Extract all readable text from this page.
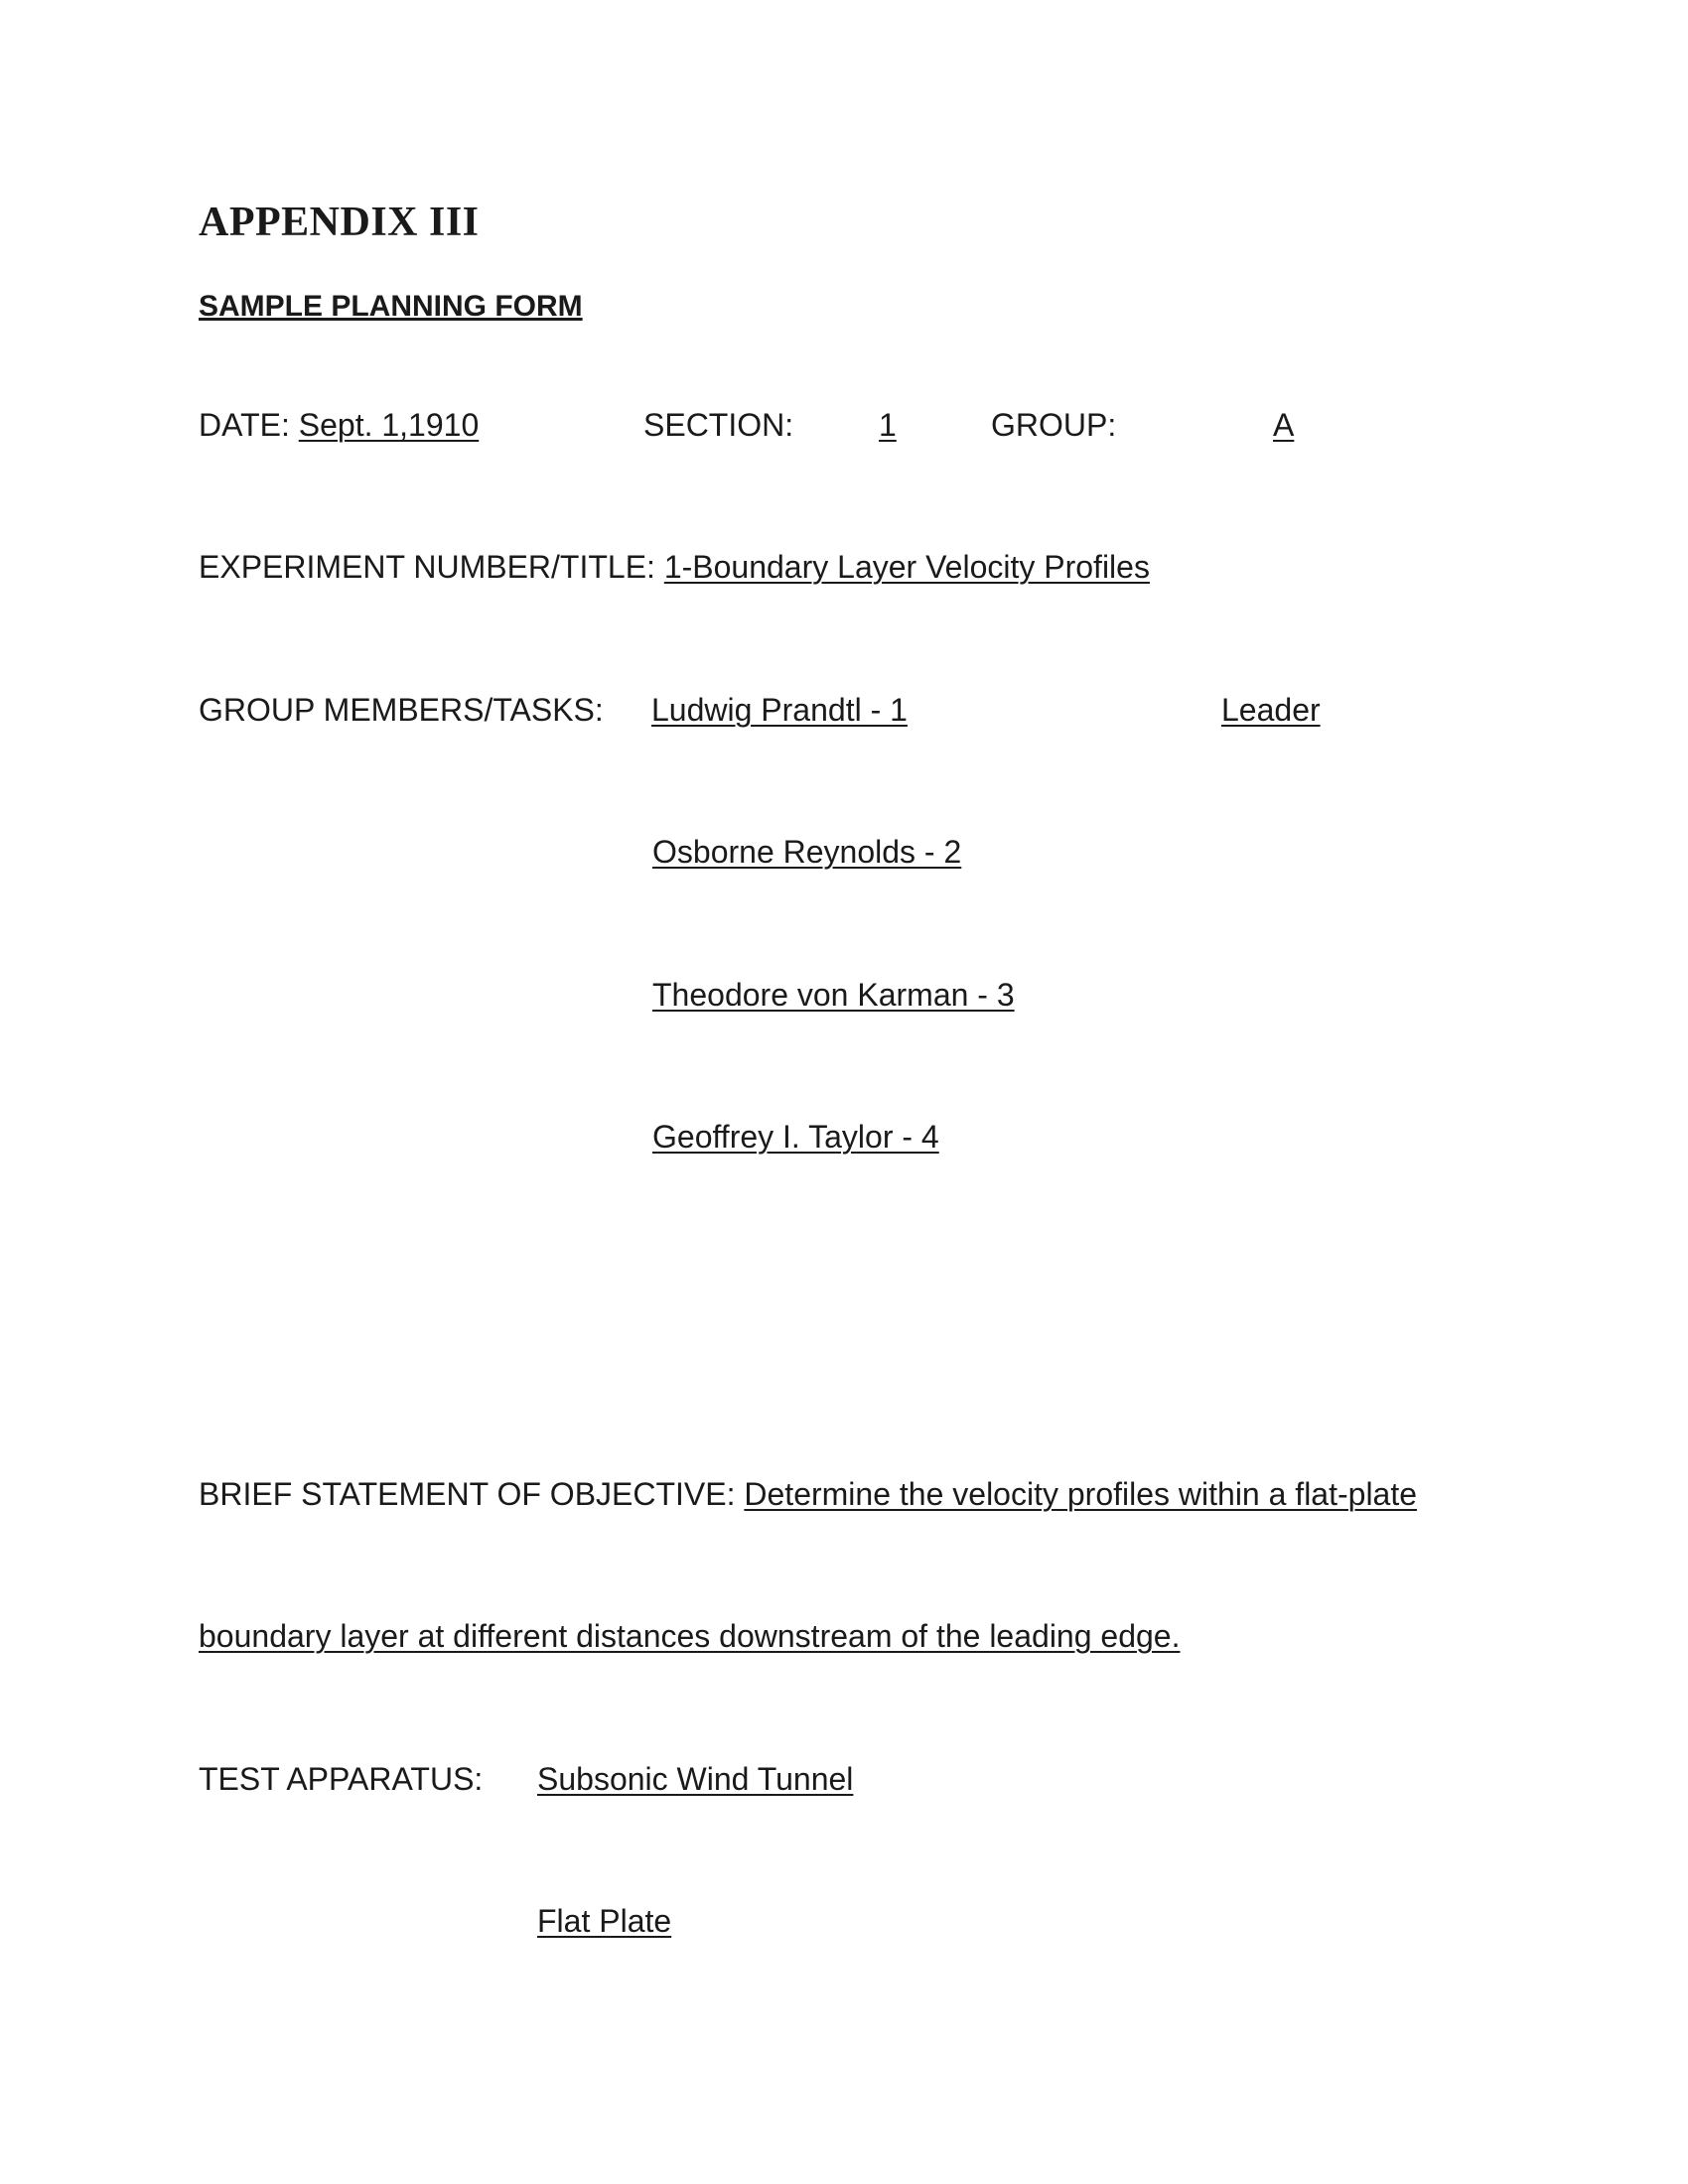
APPENDIX III
SAMPLE PLANNING FORM
DATE: Sept. 1,1910	SECTION:	1	GROUP:	A
EXPERIMENT NUMBER/TITLE: 1-Boundary Layer Velocity Profiles
GROUP MEMBERS/TASKS: Ludwig Prandtl - 1	Leader
Osborne Reynolds - 2
Theodore von Karman - 3
Geoffrey I. Taylor - 4
BRIEF STATEMENT OF OBJECTIVE: Determine the velocity profiles within a flat-plate
boundary layer at different distances downstream of the leading edge.
TEST APPARATUS: Subsonic Wind Tunnel
Flat Plate
